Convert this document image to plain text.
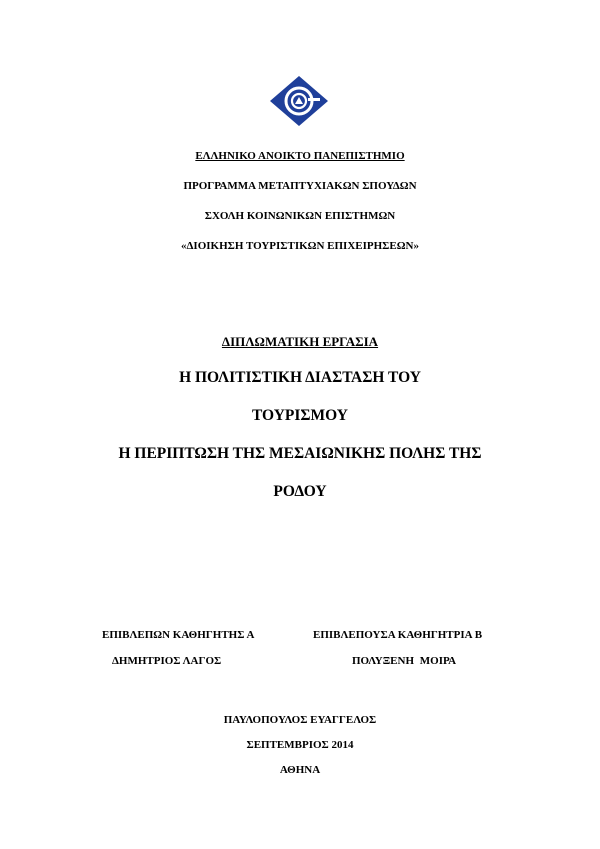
ΕΛΛΗΝΙΚΟ ΑΝΟΙΚΤΟ ΠΑΝΕΠΙΣΤΗΜΙΟ
ΠΡΟΓΡΑΜΜΑ ΜΕΤΑΠΤΥΧΙΑΚΩΝ ΣΠΟΥΔΩΝ
ΣΧΟΛΗ ΚΟΙΝΩΝΙΚΩΝ ΕΠΙΣΤΗΜΩΝ
«ΔΙΟΙΚΗΣΗ ΤΟΥΡΙΣΤΙΚΩΝ ΕΠΙΧΕΙΡΗΣΕΩΝ»
ΔΙΠΛΩΜΑΤΙΚΗ ΕΡΓΑΣΙΑ
Η ΠΟΛΙΤΙΣΤΙΚΗ ΔΙΑΣΤΑΣΗ ΤΟΥ
ΤΟΥΡΙΣΜΟΥ
Η ΠΕΡΙΠΤΩΣΗ ΤΗΣ ΜΕΣΑΙΩΝΙΚΗΣ ΠΟΛΗΣ ΤΗΣ
ΡΟΔΟΥ
ΕΠΙΒΛΕΠΩΝ ΚΑΘΗΓΗΤΗΣ Α
ΔΗΜΗΤΡΙΟΣ ΛΑΓΟΣ
ΕΠΙΒΛΕΠΟΥΣΑ ΚΑΘΗΓΗΤΡΙΑ Β
ΠΟΛΥΞΕΝΗ ΜΟΙΡΑ
ΠΑΥΛΟΠΟΥΛΟΣ ΕΥΑΓΓΕΛΟΣ
ΣΕΠΤΕΜΒΡΙΟΣ 2014
ΑΘΗΝΑ
